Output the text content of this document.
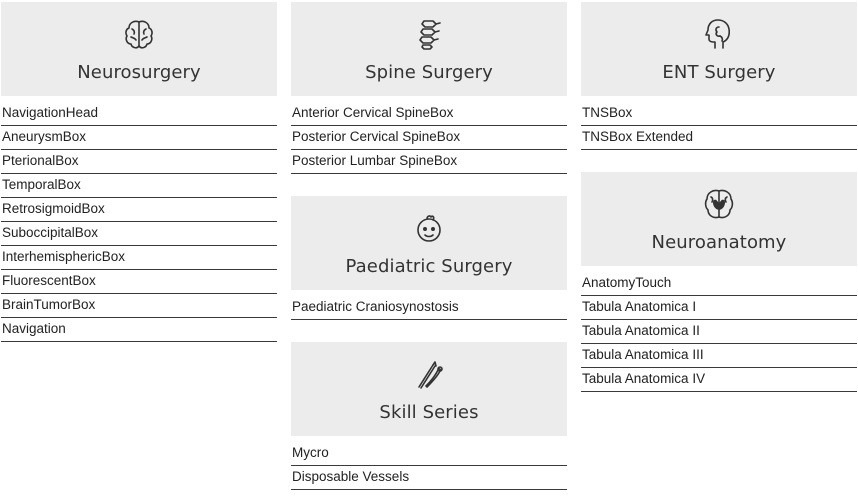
Neurosurgery
NavigationHead
AneurysmBox
PterionalBox
TemporalBox
RetrosigmoidBox
SuboccipitalBox
InterhemisphericBox
FluorescentBox
BrainTumorBox
Navigation
Spine Surgery
Anterior Cervical SpineBox
Posterior Cervical SpineBox
Posterior Lumbar SpineBox
Paediatric Surgery
Paediatric Craniosynostosis
Skill Series
Mycro
Disposable Vessels
ENT Surgery
TNSBox
TNSBox Extended
Neuroanatomy
AnatomyTouch
Tabula Anatomica I
Tabula Anatomica II
Tabula Anatomica III
Tabula Anatomica IV
